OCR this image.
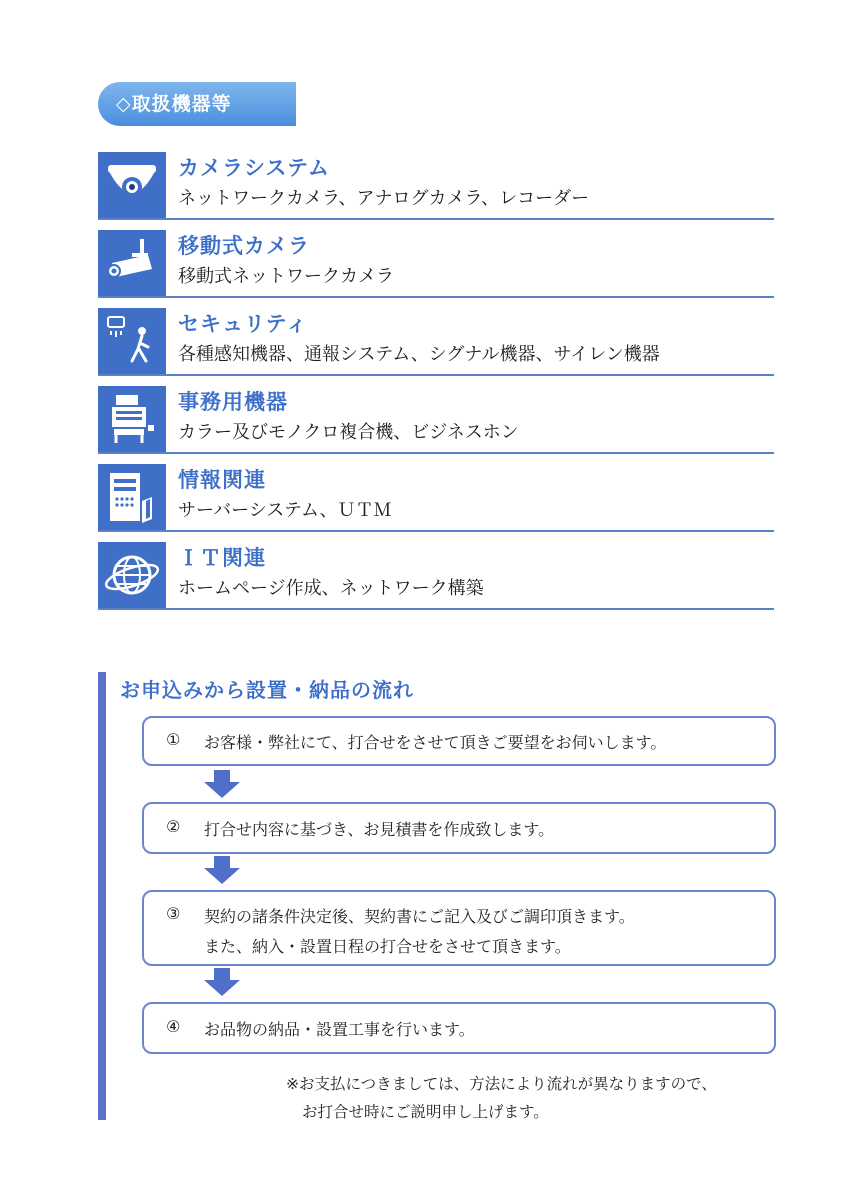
◇取扱機器等
カメラシステム
ネットワークカメラ、アナログカメラ、レコーダー
移動式カメラ
移動式ネットワークカメラ
セキュリティ
各種感知機器、通報システム、シグナル機器、サイレン機器
事務用機器
カラー及びモノクロ複合機、ビジネスホン
情報関連
サーバーシステム、ＵＴＭ
ＩＴ関連
ホームページ作成、ネットワーク構築
お申込みから設置・納品の流れ
① お客様・弊社にて、打合せをさせて頂きご要望をお伺いします。
② 打合せ内容に基づき、お見積書を作成致します。
③ 契約の諸条件決定後、契約書にご記入及びご調印頂きます。
また、納入・設置日程の打合せをさせて頂きます。
④ お品物の納品・設置工事を行います。
※お支払につきましては、方法により流れが異なりますので、
お打合せ時にご説明申し上げます。
